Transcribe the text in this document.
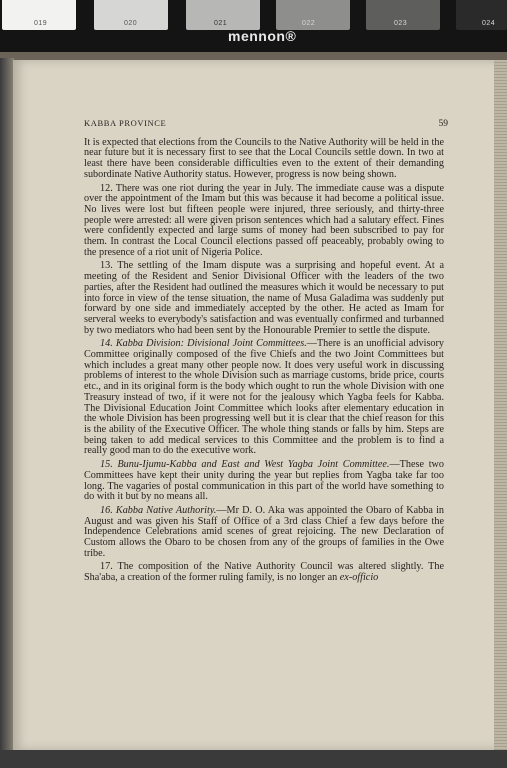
019	020	021	022	023	024
mennon®
KABBA PROVINCE	59

It is expected that elections from the Councils to the Native Authority will be held in the near future but it is necessary first to see that the Local Councils settle down. In two at least there have been considerable difficulties even to the extent of their demanding subordinate Native Authority status. However, progress is now being shown.

12. There was one riot during the year in July. The immediate cause was a dispute over the appointment of the Imam but this was because it had become a political issue. No lives were lost but fifteen people were injured, three seriously, and thirty-three people were arrested: all were given prison sentences which had a salutary effect. Fines were confidently expected and large sums of money had been subscribed to pay for them. In contrast the Local Council elections passed off peaceably, probably owing to the presence of a riot unit of Nigeria Police.

13. The settling of the Imam dispute was a surprising and hopeful event. At a meeting of the Resident and Senior Divisional Officer with the leaders of the two parties, after the Resident had outlined the measures which it would be necessary to put into force in view of the tense situation, the name of Musa Galadima was suddenly put forward by one side and immediately accepted by the other. He acted as Imam for serveral weeks to everybody's satisfaction and was eventually confirmed and turbanned by two mediators who had been sent by the Honourable Premier to settle the dispute.

14. Kabba Division: Divisional Joint Committees.—There is an unofficial advisory Committee originally composed of the five Chiefs and the two Joint Committees but which includes a great many other people now. It does very useful work in discussing problems of interest to the whole Division such as marriage customs, bride price, courts etc., and in its original form is the body which ought to run the whole Division with one Treasury instead of two, if it were not for the jealousy which Yagba feels for Kabba. The Divisional Education Joint Committee which looks after elementary education in the whole Division has been progressing well but it is clear that the chief reason for this is the ability of the Executive Officer. The whole thing stands or falls by him. Steps are being taken to add medical services to this Committee and the problem is to find a really good man to do the executive work.

15. Bunu-Ijumu-Kabba and East and West Yagba Joint Committee.—These two Committees have kept their unity during the year but replies from Yagba take far too long. The vagaries of postal communication in this part of the world have something to do with it but by no means all.

16. Kabba Native Authority.—Mr D. O. Aka was appointed the Obaro of Kabba in August and was given his Staff of Office of a 3rd class Chief a few days before the Independence Celebrations amid scenes of great rejoicing. The new Declaration of Custom allows the Obaro to be chosen from any of the groups of families in the Owe tribe.

17. The composition of the Native Authority Council was altered slightly. The Sha'aba, a creation of the former ruling family, is no longer an ex-officio
